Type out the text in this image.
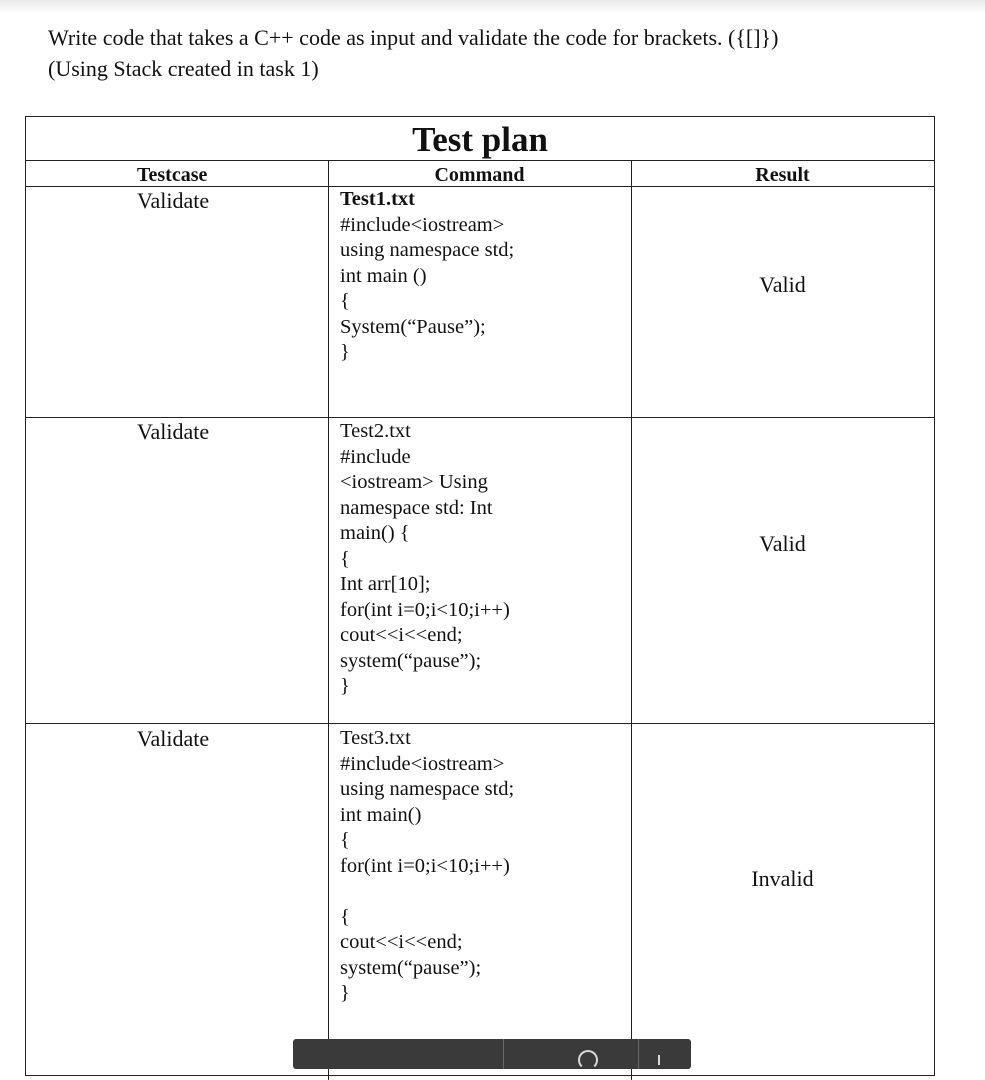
Write code that takes a C++ code as input and validate the code for brackets. ({[]})
(Using Stack created in task 1)
Test plan
Testcase	Command	Result
Validate	Test1.txt
#include<iostream>
using namespace std;
int main ()
{
System(“Pause”);
}
Valid
Validate	Test2.txt
#include
<iostream> Using
namespace std: Int
main() {
{
Int arr[10];
for(int i=0;i<10;i++)
cout<<i<<end;
system(“pause”);
}
Valid
Validate	Test3.txt
#include<iostream>
using namespace std;
int main()
{
for(int i=0;i<10;i++)
{
cout<<i<<end;
system(“pause”);
}
Invalid
